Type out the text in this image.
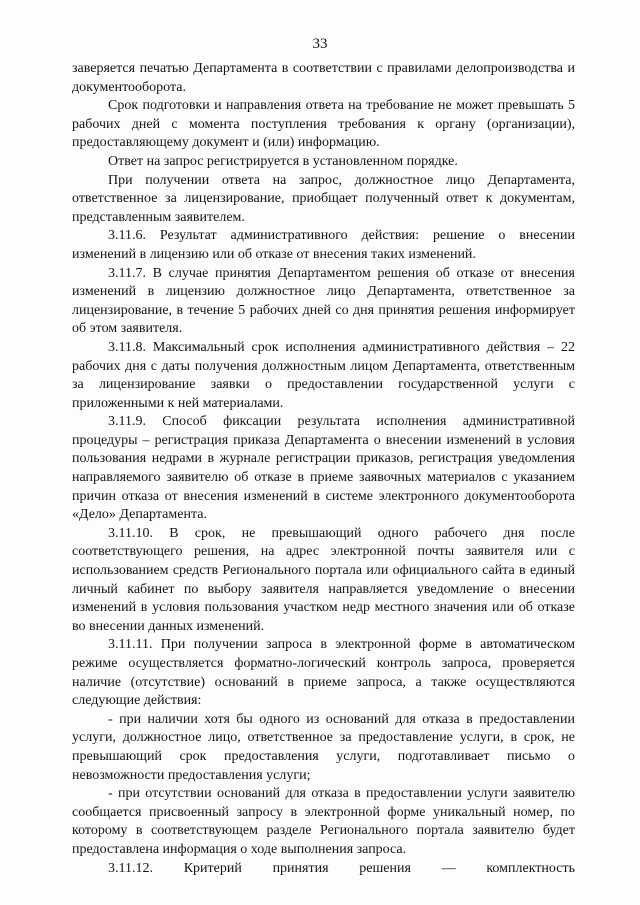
33

заверяется печатью Департамента в соответствии с правилами делопроизводства и документооборота.

Срок подготовки и направления ответа на требование не может превышать 5 рабочих дней с момента поступления требования к органу (организации), предоставляющему документ и (или) информацию.

Ответ на запрос регистрируется в установленном порядке.

При получении ответа на запрос, должностное лицо Департамента, ответственное за лицензирование, приобщает полученный ответ к документам, представленным заявителем.

3.11.6. Результат административного действия: решение о внесении изменений в лицензию или об отказе от внесения таких изменений.

3.11.7. В случае принятия Департаментом решения об отказе от внесения изменений в лицензию должностное лицо Департамента, ответственное за лицензирование, в течение 5 рабочих дней со дня принятия решения информирует об этом заявителя.

3.11.8. Максимальный срок исполнения административного действия – 22 рабочих дня с даты получения должностным лицом Департамента, ответственным за лицензирование заявки о предоставлении государственной услуги с приложенными к ней материалами.

3.11.9. Способ фиксации результата исполнения административной процедуры – регистрация приказа Департамента о внесении изменений в условия пользования недрами в журнале регистрации приказов, регистрация уведомления направляемого заявителю об отказе в приеме заявочных материалов с указанием причин отказа от внесения изменений в системе электронного документооборота «Дело» Департамента.

3.11.10. В срок, не превышающий одного рабочего дня после соответствующего решения, на адрес электронной почты заявителя или с использованием средств Регионального портала или официального сайта в единый личный кабинет по выбору заявителя направляется уведомление о внесении изменений в условия пользования участком недр местного значения или об отказе во внесении данных изменений.

3.11.11. При получении запроса в электронной форме в автоматическом режиме осуществляется форматно-логический контроль запроса, проверяется наличие (отсутствие) оснований в приеме запроса, а также осуществляются следующие действия:

- при наличии хотя бы одного из оснований для отказа в предоставлении услуги, должностное лицо, ответственное за предоставление услуги, в срок, не превышающий срок предоставления услуги, подготавливает письмо о невозможности предоставления услуги;

- при отсутствии оснований для отказа в предоставлении услуги заявителю сообщается присвоенный запросу в электронной форме уникальный номер, по которому в соответствующем разделе Регионального портала заявителю будет предоставлена информация о ходе выполнения запроса.

3.11.12. Критерий принятия решения — комплектность
